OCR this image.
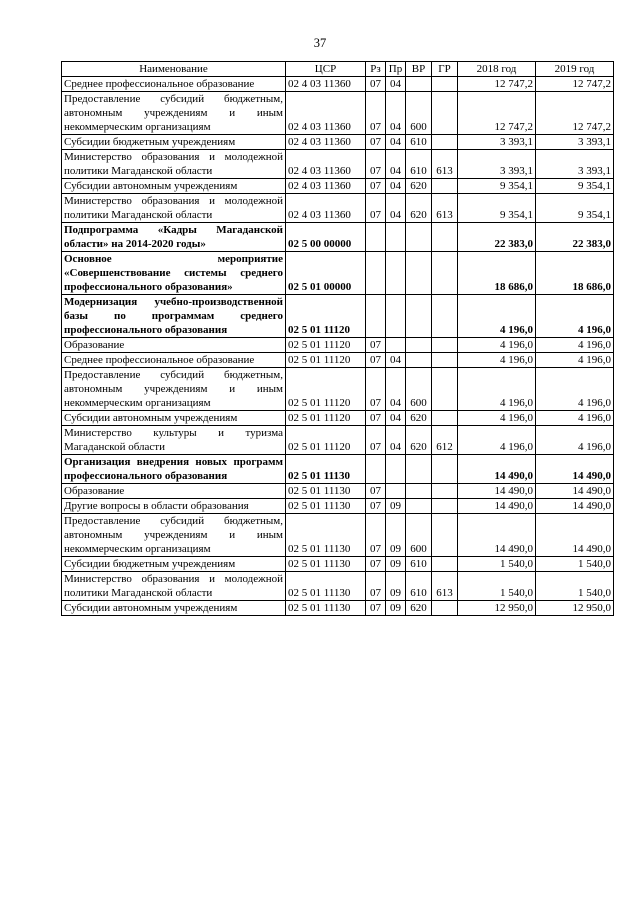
37
Наименование	ЦСР	Рз	Пр	ВР	ГР	2018 год	2019 год
Среднее профессиональное образование	02 4 03 11360	07	04			12 747,2	12 747,2
Предоставление субсидий бюджетным, автономным учреждениям и иным некоммерческим организациям	02 4 03 11360	07	04	600		12 747,2	12 747,2
Субсидии бюджетным учреждениям	02 4 03 11360	07	04	610		3 393,1	3 393,1
Министерство образования и молодежной политики Магаданской области	02 4 03 11360	07	04	610	613	3 393,1	3 393,1
Субсидии автономным учреждениям	02 4 03 11360	07	04	620		9 354,1	9 354,1
Министерство образования и молодежной политики Магаданской области	02 4 03 11360	07	04	620	613	9 354,1	9 354,1
Подпрограмма «Кадры Магаданской области» на 2014-2020 годы»	02 5 00 00000					22 383,0	22 383,0
Основное мероприятие «Совершенствование системы среднего профессионального образования»	02 5 01 00000					18 686,0	18 686,0
Модернизация учебно-производственной базы по программам среднего профессионального образования	02 5 01 11120					4 196,0	4 196,0
Образование	02 5 01 11120	07				4 196,0	4 196,0
Среднее профессиональное образование	02 5 01 11120	07	04			4 196,0	4 196,0
Предоставление субсидий бюджетным, автономным учреждениям и иным некоммерческим организациям	02 5 01 11120	07	04	600		4 196,0	4 196,0
Субсидии автономным учреждениям	02 5 01 11120	07	04	620		4 196,0	4 196,0
Министерство культуры и туризма Магаданской области	02 5 01 11120	07	04	620	612	4 196,0	4 196,0
Организация внедрения новых программ профессионального образования	02 5 01 11130					14 490,0	14 490,0
Образование	02 5 01 11130	07				14 490,0	14 490,0
Другие вопросы в области образования	02 5 01 11130	07	09			14 490,0	14 490,0
Предоставление субсидий бюджетным, автономным учреждениям и иным некоммерческим организациям	02 5 01 11130	07	09	600		14 490,0	14 490,0
Субсидии бюджетным учреждениям	02 5 01 11130	07	09	610		1 540,0	1 540,0
Министерство образования и молодежной политики Магаданской области	02 5 01 11130	07	09	610	613	1 540,0	1 540,0
Субсидии автономным учреждениям	02 5 01 11130	07	09	620		12 950,0	12 950,0
